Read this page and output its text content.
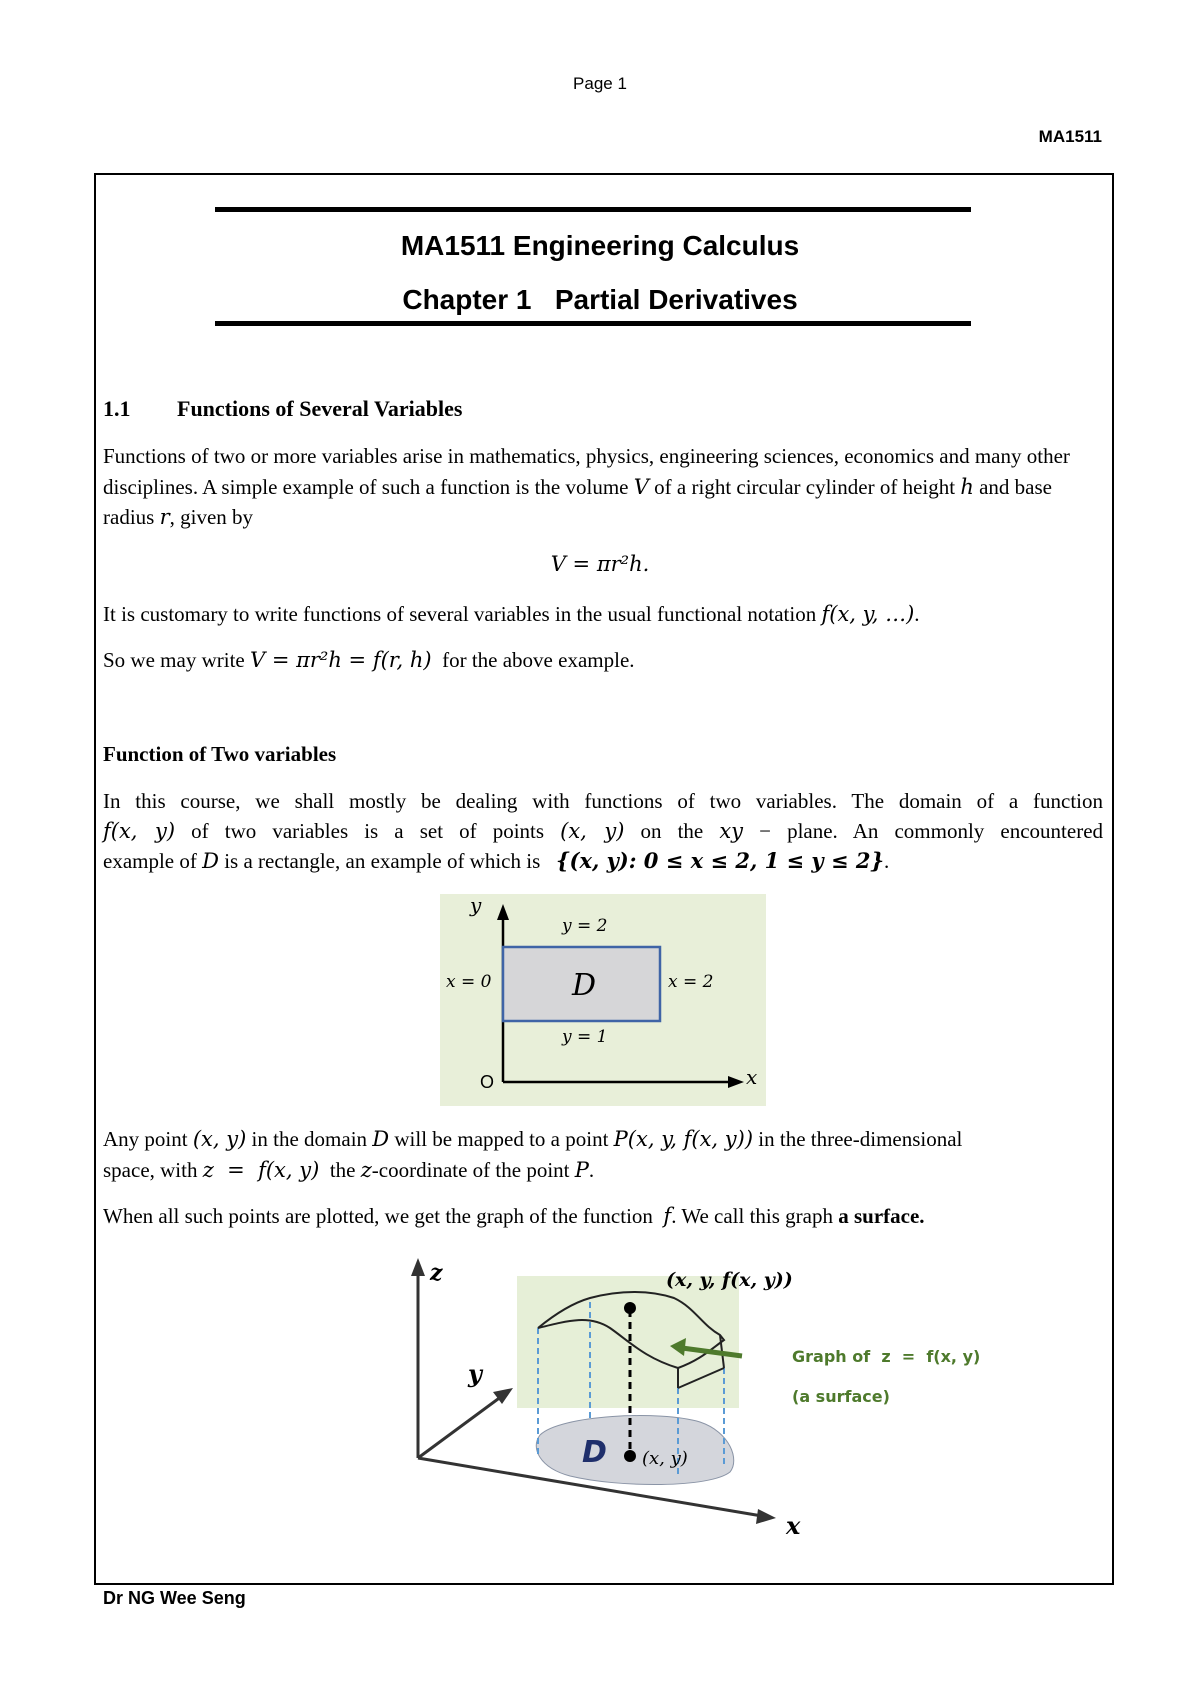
Page 1
MA1511
MA1511 Engineering Calculus
Chapter 1   Partial Derivatives
1.1 Functions of Several Variables

Functions of two or more variables arise in mathematics, physics, engineering sciences, economics and many other disciplines. A simple example of such a function is the volume V of a right circular cylinder of height h and base radius r, given by

V = πr²h.

It is customary to write functions of several variables in the usual functional notation f(x, y, …).

So we may write V = πr²h = f(r, h)  for the above example.

Function of Two variables

In this course, we shall mostly be dealing with functions of two variables. The domain of a function

f(x, y) of two variables is a set of points (x, y) on the xy − plane. An commonly encountered

example of D is a rectangle, an example of which is   {(x, y): 0 ≤ x ≤ 2, 1 ≤ y ≤ 2}.

y
x
O
D
y = 2
y = 1
x = 0	x = 2

Any point (x, y) in the domain D will be mapped to a point P(x, y, f(x, y)) in the three-dimensional
space, with z  =  f(x, y)  the z-coordinate of the point P.

When all such points are plotted, we get the graph of the function  f. We call this graph a surface.

z
y
x
(x, y, f(x, y))
D (x, y)
Graph of  z  =  f(x, y)
(a surface)
Dr NG Wee Seng
